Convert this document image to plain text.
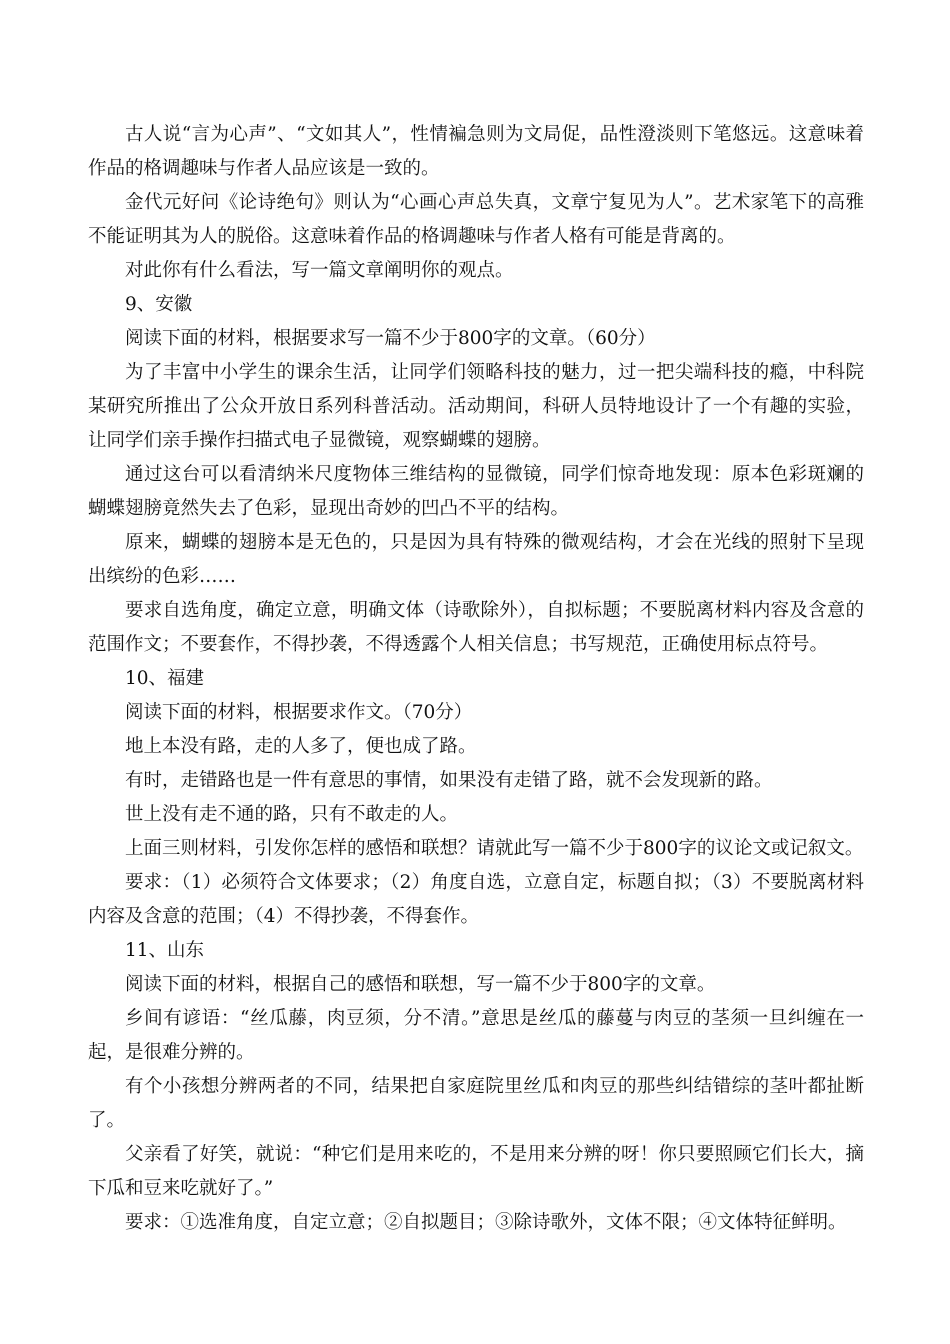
古人说“言为心声”、“文如其人”，性情褊急则为文局促，品性澄淡则下笔悠远。这意味着作品的格调趣味与作者人品应该是一致的。

金代元好问《论诗绝句》则认为“心画心声总失真，文章宁复见为人”。艺术家笔下的高雅不能证明其为人的脱俗。这意味着作品的格调趣味与作者人格有可能是背离的。

对此你有什么看法，写一篇文章阐明你的观点。

9、安徽

阅读下面的材料，根据要求写一篇不少于800字的文章。（60分）

为了丰富中小学生的课余生活，让同学们领略科技的魅力，过一把尖端科技的瘾，中科院某研究所推出了公众开放日系列科普活动。活动期间，科研人员特地设计了一个有趣的实验，让同学们亲手操作扫描式电子显微镜，观察蝴蝶的翅膀。

通过这台可以看清纳米尺度物体三维结构的显微镜，同学们惊奇地发现：原本色彩斑斓的蝴蝶翅膀竟然失去了色彩，显现出奇妙的凹凸不平的结构。

原来，蝴蝶的翅膀本是无色的，只是因为具有特殊的微观结构，才会在光线的照射下呈现出缤纷的色彩……

要求自选角度，确定立意，明确文体（诗歌除外），自拟标题；不要脱离材料内容及含意的范围作文；不要套作，不得抄袭，不得透露个人相关信息；书写规范，正确使用标点符号。

10、福建

阅读下面的材料，根据要求作文。（70分）

地上本没有路，走的人多了，便也成了路。

有时，走错路也是一件有意思的事情，如果没有走错了路，就不会发现新的路。

世上没有走不通的路，只有不敢走的人。

上面三则材料，引发你怎样的感悟和联想？请就此写一篇不少于800字的议论文或记叙文。

要求：（1）必须符合文体要求；（2）角度自选，立意自定，标题自拟；（3）不要脱离材料内容及含意的范围；（4）不得抄袭，不得套作。

11、山东

阅读下面的材料，根据自己的感悟和联想，写一篇不少于800字的文章。

乡间有谚语：“丝瓜藤，肉豆须，分不清。”意思是丝瓜的藤蔓与肉豆的茎须一旦纠缠在一起，是很难分辨的。

有个小孩想分辨两者的不同，结果把自家庭院里丝瓜和肉豆的那些纠结错综的茎叶都扯断了。

父亲看了好笑，就说：“种它们是用来吃的，不是用来分辨的呀！你只要照顾它们长大，摘下瓜和豆来吃就好了。”

要求：①选准角度，自定立意；②自拟题目；③除诗歌外，文体不限；④文体特征鲜明。
